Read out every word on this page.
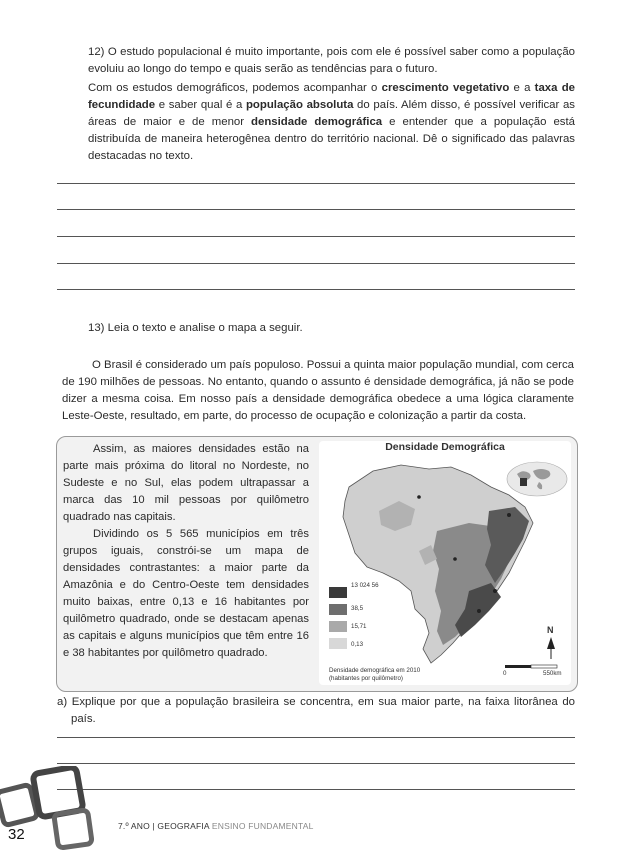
12) O estudo populacional é muito importante, pois com ele é possível saber como a população evoluiu ao longo do tempo e quais serão as tendências para o futuro.

Com os estudos demográficos, podemos acompanhar o crescimento vegetativo e a taxa de fecundidade e saber qual é a população absoluta do país. Além disso, é possível verificar as áreas de maior e de menor densidade demográfica e entender que a população está distribuída de maneira heterogênea dentro do território nacional. Dê o significado das palavras destacadas no texto.

13) Leia o texto e analise o mapa a seguir.

O Brasil é considerado um país populoso. Possui a quinta maior população mundial, com cerca de 190 milhões de pessoas. No entanto, quando o assunto é densidade demográfica, já não se pode dizer a mesma coisa. Em nosso país a densidade demográfica obedece a uma lógica claramente Leste-Oeste, resultado, em parte, do processo de ocupação e colonização a partir da costa.

Assim, as maiores densidades estão na parte mais próxima do litoral no Nordeste, no Sudeste e no Sul, elas podem ultrapassar a marca das 10 mil pessoas por quilômetro quadrado nas capitais.

Dividindo os 5 565 municípios em três grupos iguais, constrói-se um mapa de densidades contrastantes: a maior parte da Amazônia e do Centro-Oeste tem densidades muito baixas, entre 0,13 e 16 habitantes por quilômetro quadrado, onde se destacam apenas as capitais e alguns municípios que têm entre 16 e 38 habitantes por quilômetro quadrado.

Densidade Demográfica
13 024 56
38,5
15,71
0,13
Densidade demográfica em 2010
(habitantes por quilômetro)
N
0	550km

a) Explique por que a população brasileira se concentra, em sua maior parte, na faixa litorânea do país.

32	7.º ANO | GEOGRAFIA ENSINO FUNDAMENTAL
